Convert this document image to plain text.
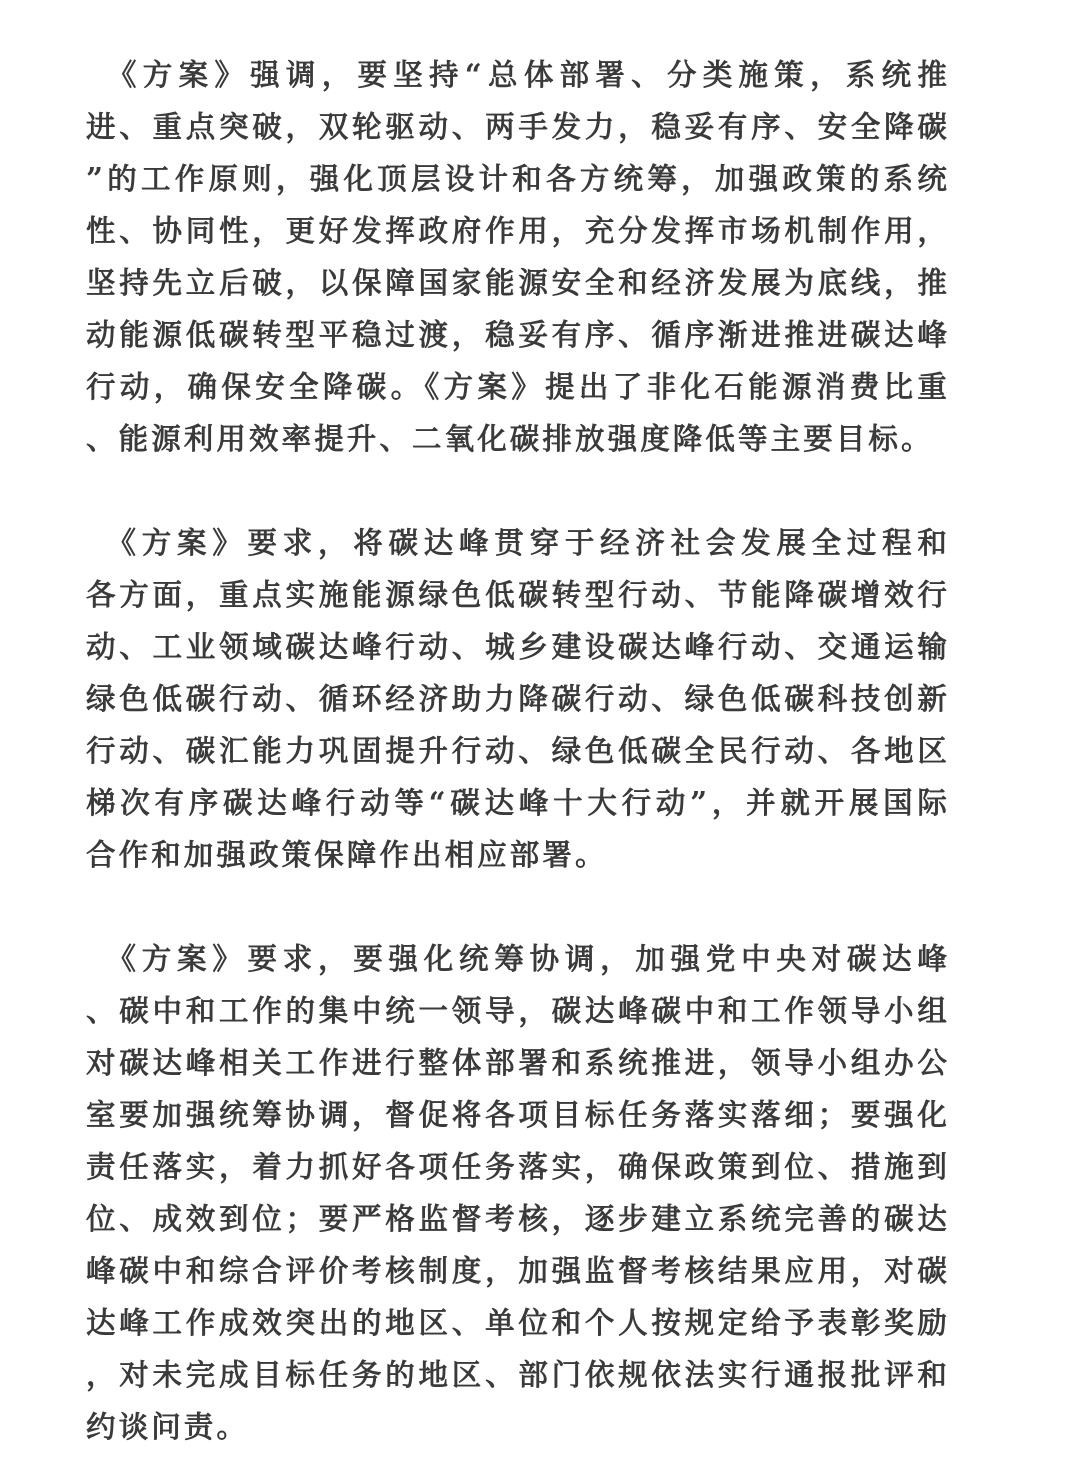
　《方案》强调，要坚持“总体部署、分类施策，系统推
进、重点突破，双轮驱动、两手发力，稳妥有序、安全降碳
”的工作原则，强化顶层设计和各方统筹，加强政策的系统
性、协同性，更好发挥政府作用，充分发挥市场机制作用，
坚持先立后破，以保障国家能源安全和经济发展为底线，推
动能源低碳转型平稳过渡，稳妥有序、循序渐进推进碳达峰
行动，确保安全降碳。《方案》提出了非化石能源消费比重
、能源利用效率提升、二氧化碳排放强度降低等主要目标。
　《方案》要求，将碳达峰贯穿于经济社会发展全过程和
各方面，重点实施能源绿色低碳转型行动、节能降碳增效行
动、工业领域碳达峰行动、城乡建设碳达峰行动、交通运输
绿色低碳行动、循环经济助力降碳行动、绿色低碳科技创新
行动、碳汇能力巩固提升行动、绿色低碳全民行动、各地区
梯次有序碳达峰行动等“碳达峰十大行动”，并就开展国际
合作和加强政策保障作出相应部署。
　《方案》要求，要强化统筹协调，加强党中央对碳达峰
、碳中和工作的集中统一领导，碳达峰碳中和工作领导小组
对碳达峰相关工作进行整体部署和系统推进，领导小组办公
室要加强统筹协调，督促将各项目标任务落实落细；要强化
责任落实，着力抓好各项任务落实，确保政策到位、措施到
位、成效到位；要严格监督考核，逐步建立系统完善的碳达
峰碳中和综合评价考核制度，加强监督考核结果应用，对碳
达峰工作成效突出的地区、单位和个人按规定给予表彰奖励
，对未完成目标任务的地区、部门依规依法实行通报批评和
约谈问责。
